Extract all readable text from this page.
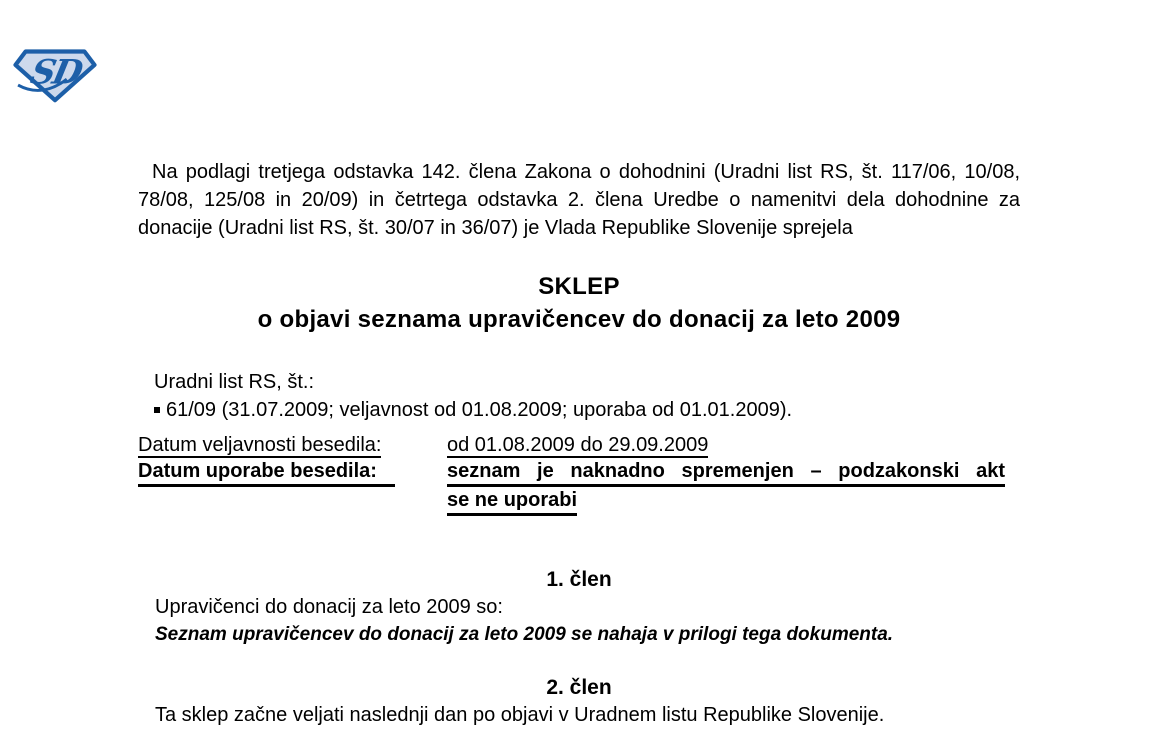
SD

Na podlagi tretjega odstavka 142. člena Zakona o dohodnini (Uradni list RS, št. 117/06, 10/08, 78/08, 125/08 in 20/09) in četrtega odstavka 2. člena Uredbe o namenitvi dela dohodnine za donacije (Uradni list RS, št. 30/07 in 36/07) je Vlada Republike Slovenije sprejela

SKLEP
o objavi seznama upravičencev do donacij za leto 2009
Uradni list RS, št.:
61/09 (31.07.2009; veljavnost od 01.08.2009; uporaba od 01.01.2009).
Datum veljavnosti besedila:	od 01.08.2009 do 29.09.2009
Datum uporabe besedila:	seznam je naknadno spremenjen – podzakonski akt
se ne uporabi
1. člen
Upravičenci do donacij za leto 2009 so:
Seznam upravičencev do donacij za leto 2009 se nahaja v prilogi tega dokumenta.
2. člen
Ta sklep začne veljati naslednji dan po objavi v Uradnem listu Republike Slovenije.
